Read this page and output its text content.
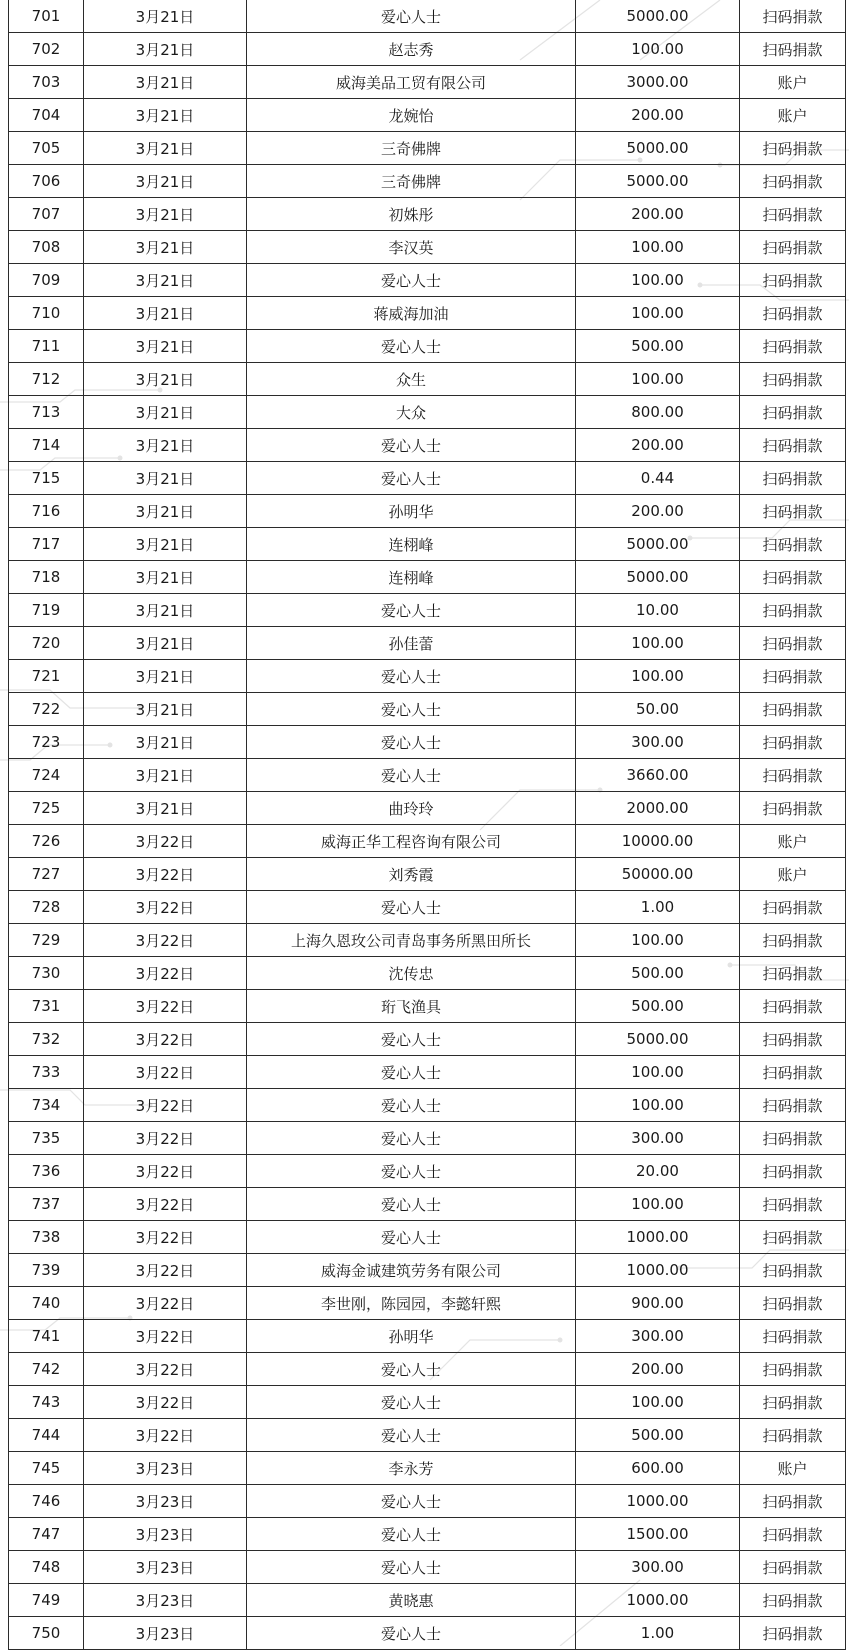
701	3月21日	爱心人士	5000.00	扫码捐款
702	3月21日	赵志秀	100.00	扫码捐款
703	3月21日	威海美品工贸有限公司	3000.00	账户
704	3月21日	龙婉怡	200.00	账户
705	3月21日	三奇佛牌	5000.00	扫码捐款
706	3月21日	三奇佛牌	5000.00	扫码捐款
707	3月21日	初姝彤	200.00	扫码捐款
708	3月21日	李汉英	100.00	扫码捐款
709	3月21日	爱心人士	100.00	扫码捐款
710	3月21日	蒋威海加油	100.00	扫码捐款
711	3月21日	爱心人士	500.00	扫码捐款
712	3月21日	众生	100.00	扫码捐款
713	3月21日	大众	800.00	扫码捐款
714	3月21日	爱心人士	200.00	扫码捐款
715	3月21日	爱心人士	0.44	扫码捐款
716	3月21日	孙明华	200.00	扫码捐款
717	3月21日	连栩峰	5000.00	扫码捐款
718	3月21日	连栩峰	5000.00	扫码捐款
719	3月21日	爱心人士	10.00	扫码捐款
720	3月21日	孙佳蕾	100.00	扫码捐款
721	3月21日	爱心人士	100.00	扫码捐款
722	3月21日	爱心人士	50.00	扫码捐款
723	3月21日	爱心人士	300.00	扫码捐款
724	3月21日	爱心人士	3660.00	扫码捐款
725	3月21日	曲玲玲	2000.00	扫码捐款
726	3月22日	威海正华工程咨询有限公司	10000.00	账户
727	3月22日	刘秀霞	50000.00	账户
728	3月22日	爱心人士	1.00	扫码捐款
729	3月22日	上海久恩玫公司青岛事务所黑田所长	100.00	扫码捐款
730	3月22日	沈传忠	500.00	扫码捐款
731	3月22日	珩飞渔具	500.00	扫码捐款
732	3月22日	爱心人士	5000.00	扫码捐款
733	3月22日	爱心人士	100.00	扫码捐款
734	3月22日	爱心人士	100.00	扫码捐款
735	3月22日	爱心人士	300.00	扫码捐款
736	3月22日	爱心人士	20.00	扫码捐款
737	3月22日	爱心人士	100.00	扫码捐款
738	3月22日	爱心人士	1000.00	扫码捐款
739	3月22日	威海金诚建筑劳务有限公司	1000.00	扫码捐款
740	3月22日	李世刚，陈园园，李懿轩熙	900.00	扫码捐款
741	3月22日	孙明华	300.00	扫码捐款
742	3月22日	爱心人士	200.00	扫码捐款
743	3月22日	爱心人士	100.00	扫码捐款
744	3月22日	爱心人士	500.00	扫码捐款
745	3月23日	李永芳	600.00	账户
746	3月23日	爱心人士	1000.00	扫码捐款
747	3月23日	爱心人士	1500.00	扫码捐款
748	3月23日	爱心人士	300.00	扫码捐款
749	3月23日	黄晓惠	1000.00	扫码捐款
750	3月23日	爱心人士	1.00	扫码捐款
